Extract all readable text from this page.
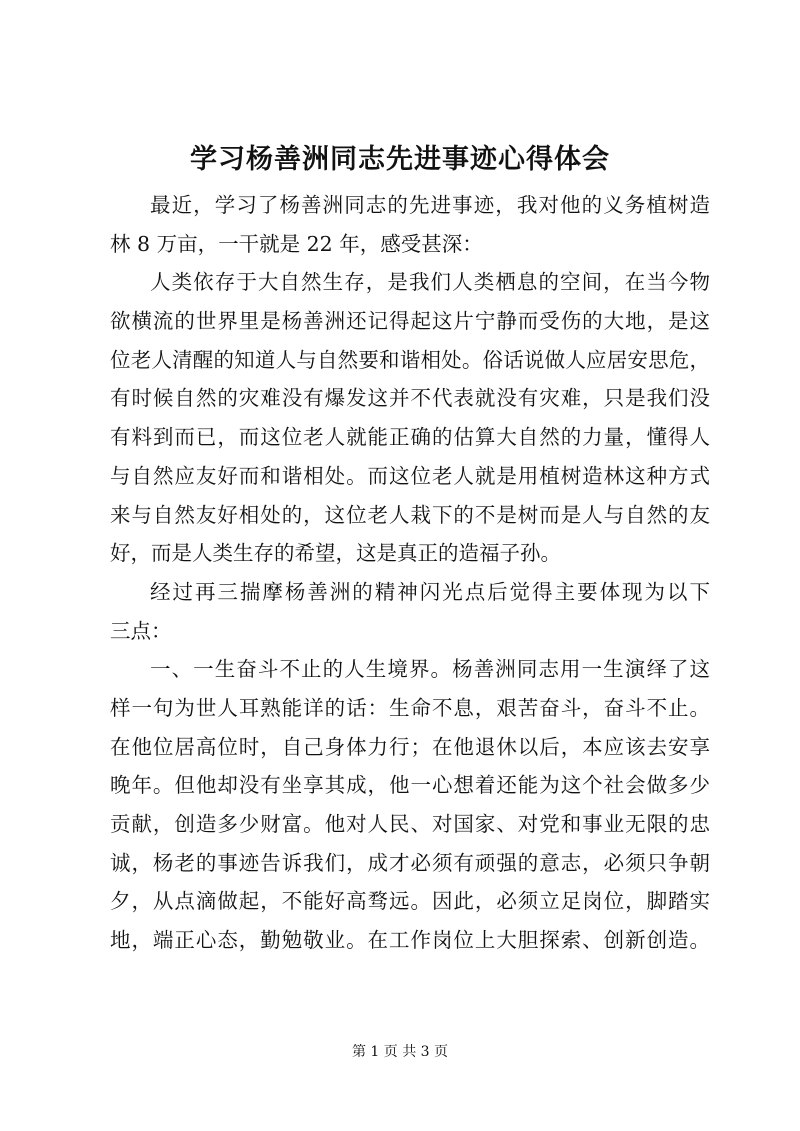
学习杨善洲同志先进事迹心得体会
最近，学习了杨善洲同志的先进事迹，我对他的义务植树造
林 8 万亩，一干就是 22 年，感受甚深：
人类依存于大自然生存，是我们人类栖息的空间，在当今物
欲横流的世界里是杨善洲还记得起这片宁静而受伤的大地，是这
位老人清醒的知道人与自然要和谐相处。俗话说做人应居安思危，
有时候自然的灾难没有爆发这并不代表就没有灾难，只是我们没
有料到而已，而这位老人就能正确的估算大自然的力量，懂得人
与自然应友好而和谐相处。而这位老人就是用植树造林这种方式
来与自然友好相处的，这位老人栽下的不是树而是人与自然的友
好，而是人类生存的希望，这是真正的造福子孙。
经过再三揣摩杨善洲的精神闪光点后觉得主要体现为以下
三点：
一、一生奋斗不止的人生境界。杨善洲同志用一生演绎了这
样一句为世人耳熟能详的话：生命不息，艰苦奋斗，奋斗不止。
在他位居高位时，自己身体力行；在他退休以后，本应该去安享
晚年。但他却没有坐享其成，他一心想着还能为这个社会做多少
贡献，创造多少财富。他对人民、对国家、对党和事业无限的忠
诚，杨老的事迹告诉我们，成才必须有顽强的意志，必须只争朝
夕，从点滴做起，不能好高骛远。因此，必须立足岗位，脚踏实
地，端正心态，勤勉敬业。在工作岗位上大胆探索、创新创造。
第 1 页 共 3 页
